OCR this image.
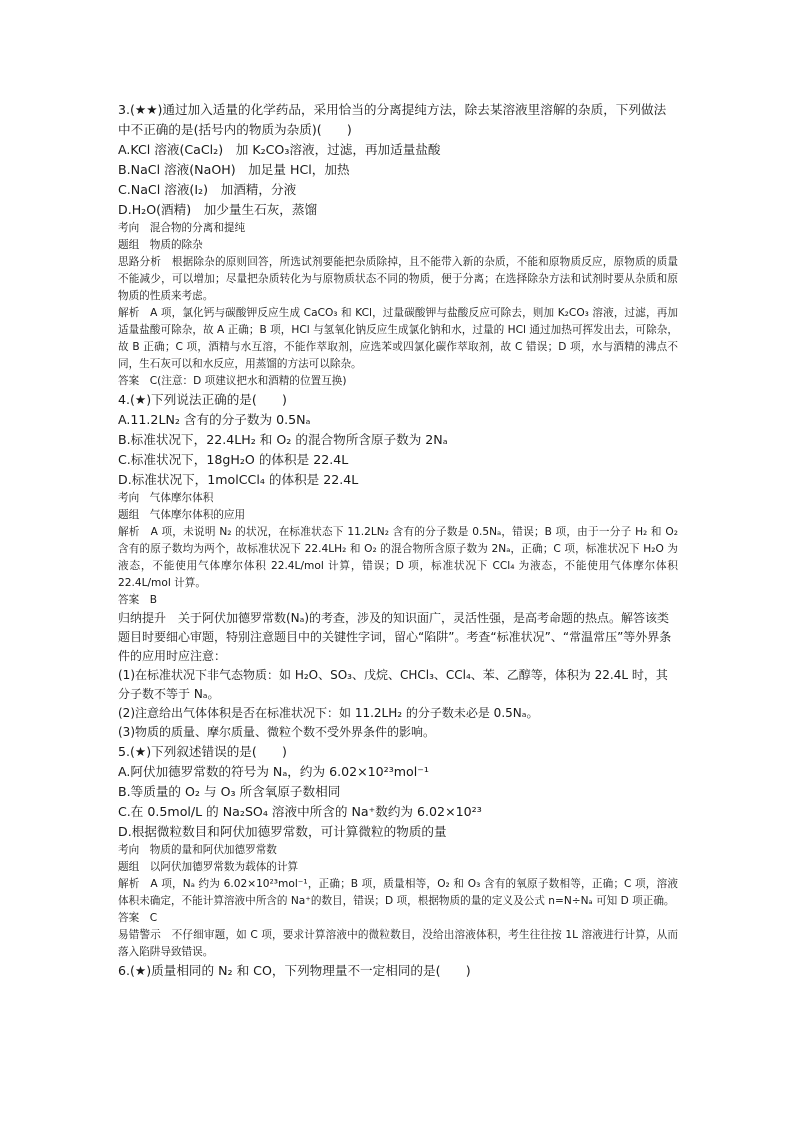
3.(★★)通过加入适量的化学药品，采用恰当的分离提纯方法，除去某溶液里溶解的杂质，下列做法中不正确的是(括号内的物质为杂质)(　　)

A.KCl 溶液(CaCl₂)　加 K₂CO₃溶液，过滤，再加适量盐酸

B.NaCl 溶液(NaOH)　加足量 HCl，加热

C.NaCl 溶液(I₂)　加酒精，分液

D.H₂O(酒精)　加少量生石灰，蒸馏

考向　混合物的分离和提纯

题组　物质的除杂

思路分析　根据除杂的原则回答，所选试剂要能把杂质除掉，且不能带入新的杂质，不能和原物质反应，原物质的质量不能减少，可以增加；尽量把杂质转化为与原物质状态不同的物质，便于分离；在选择除杂方法和试剂时要从杂质和原物质的性质来考虑。

解析　A 项，氯化钙与碳酸钾反应生成 CaCO₃ 和 KCl，过量碳酸钾与盐酸反应可除去，则加 K₂CO₃ 溶液，过滤，再加适量盐酸可除杂，故 A 正确；B 项，HCl 与氢氧化钠反应生成氯化钠和水，过量的 HCl 通过加热可挥发出去，可除杂，故 B 正确；C 项，酒精与水互溶，不能作萃取剂，应选苯或四氯化碳作萃取剂，故 C 错误；D 项，水与酒精的沸点不同，生石灰可以和水反应，用蒸馏的方法可以除杂。

答案　C(注意：D 项建议把水和酒精的位置互换)

4.(★)下列说法正确的是(　　)

A.11.2LN₂ 含有的分子数为 0.5Nₐ

B.标准状况下，22.4LH₂ 和 O₂ 的混合物所含原子数为 2Nₐ

C.标准状况下，18gH₂O 的体积是 22.4L

D.标准状况下，1molCCl₄ 的体积是 22.4L

考向　气体摩尔体积

题组　气体摩尔体积的应用

解析　A 项，未说明 N₂ 的状况，在标准状态下 11.2LN₂ 含有的分子数是 0.5Nₐ，错误；B 项，由于一分子 H₂ 和 O₂ 含有的原子数均为两个，故标准状况下 22.4LH₂ 和 O₂ 的混合物所含原子数为 2Nₐ，正确；C 项，标准状况下 H₂O 为液态，不能使用气体摩尔体积 22.4L/mol 计算，错误；D 项，标准状况下 CCl₄ 为液态，不能使用气体摩尔体积 22.4L/mol 计算。

答案　B

归纳提升　关于阿伏加德罗常数(Nₐ)的考查，涉及的知识面广，灵活性强，是高考命题的热点。解答该类题目时要细心审题，特别注意题目中的关键性字词，留心“陷阱”。考查“标准状况”、“常温常压”等外界条件的应用时应注意：

(1)在标准状况下非气态物质：如 H₂O、SO₃、戊烷、CHCl₃、CCl₄、苯、乙醇等，体积为 22.4L 时，其分子数不等于 Nₐ。

(2)注意给出气体体积是否在标准状况下：如 11.2LH₂ 的分子数未必是 0.5Nₐ。

(3)物质的质量、摩尔质量、微粒个数不受外界条件的影响。

5.(★)下列叙述错误的是(　　)

A.阿伏加德罗常数的符号为 Nₐ，约为 6.02×10²³mol⁻¹

B.等质量的 O₂ 与 O₃ 所含氧原子数相同

C.在 0.5mol/L 的 Na₂SO₄ 溶液中所含的 Na⁺数约为 6.02×10²³

D.根据微粒数目和阿伏加德罗常数，可计算微粒的物质的量

考向　物质的量和阿伏加德罗常数

题组　以阿伏加德罗常数为载体的计算

解析　A 项，Nₐ 约为 6.02×10²³mol⁻¹，正确；B 项，质量相等，O₂ 和 O₃ 含有的氧原子数相等，正确；C 项，溶液体积未确定，不能计算溶液中所含的 Na⁺的数目，错误；D 项，根据物质的量的定义及公式 n=N÷Nₐ 可知 D 项正确。

答案　C

易错警示　不仔细审题，如 C 项，要求计算溶液中的微粒数目，没给出溶液体积，考生往往按 1L 溶液进行计算，从而落入陷阱导致错误。

6.(★)质量相同的 N₂ 和 CO，下列物理量不一定相同的是(　　)
